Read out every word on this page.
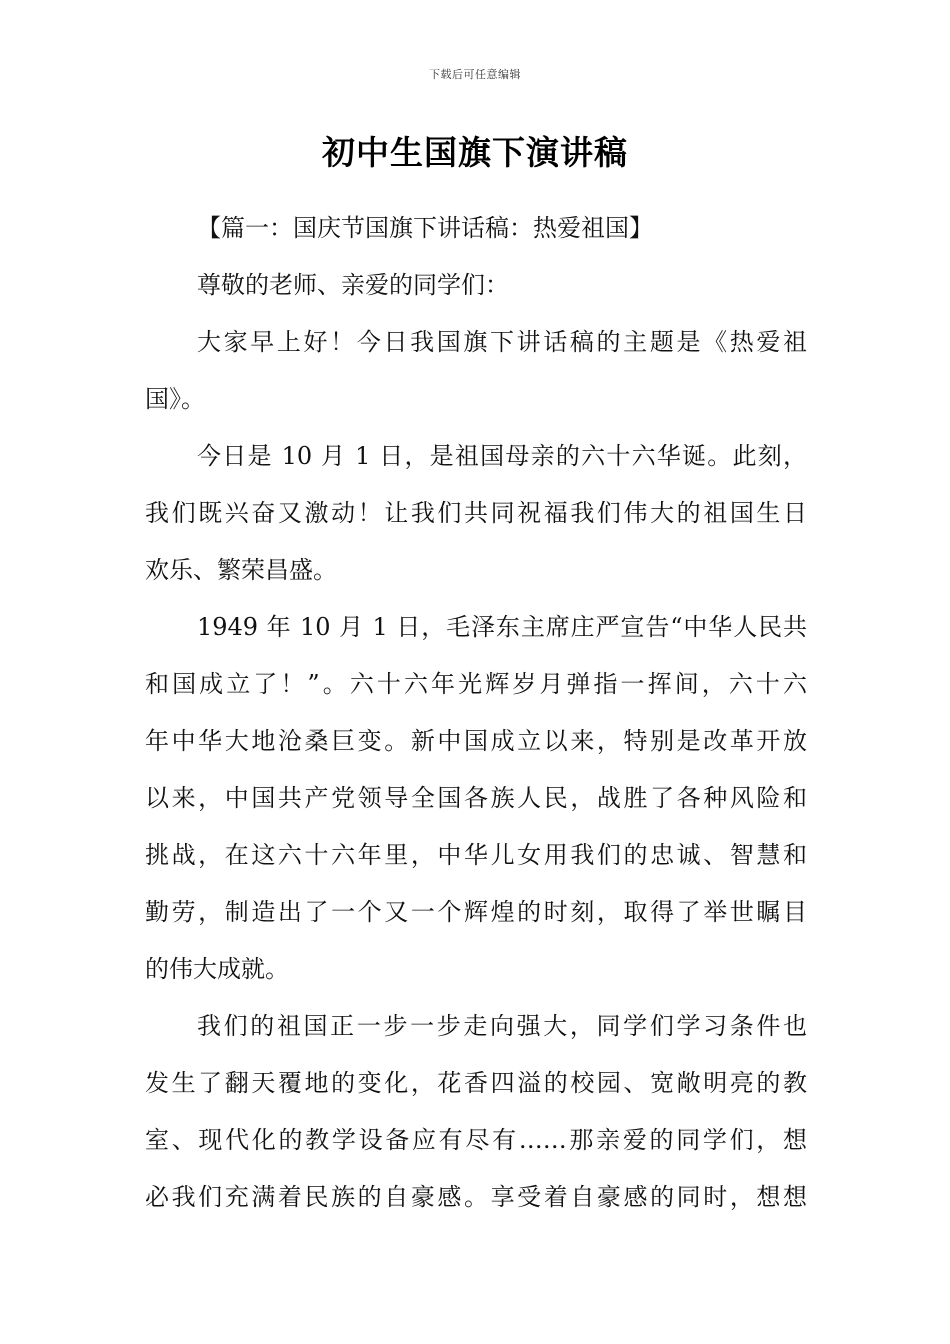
下载后可任意编辑
初中生国旗下演讲稿
【篇一：国庆节国旗下讲话稿：热爱祖国】
尊敬的老师、亲爱的同学们：
大家早上好！今日我国旗下讲话稿的主题是《热爱祖
国》。
今日是 10 月 1 日，是祖国母亲的六十六华诞。此刻，
我们既兴奋又激动！让我们共同祝福我们伟大的祖国生日
欢乐、繁荣昌盛。
1949 年 10 月 1 日，毛泽东主席庄严宣告“中华人民共
和国成立了！”。六十六年光辉岁月弹指一挥间，六十六
年中华大地沧桑巨变。新中国成立以来，特别是改革开放
以来，中国共产党领导全国各族人民，战胜了各种风险和
挑战，在这六十六年里，中华儿女用我们的忠诚、智慧和
勤劳，制造出了一个又一个辉煌的时刻，取得了举世瞩目
的伟大成就。
我们的祖国正一步一步走向强大，同学们学习条件也
发生了翻天覆地的变化，花香四溢的校园、宽敞明亮的教
室、现代化的教学设备应有尽有……那亲爱的同学们，想
必我们充满着民族的自豪感。享受着自豪感的同时，想想
